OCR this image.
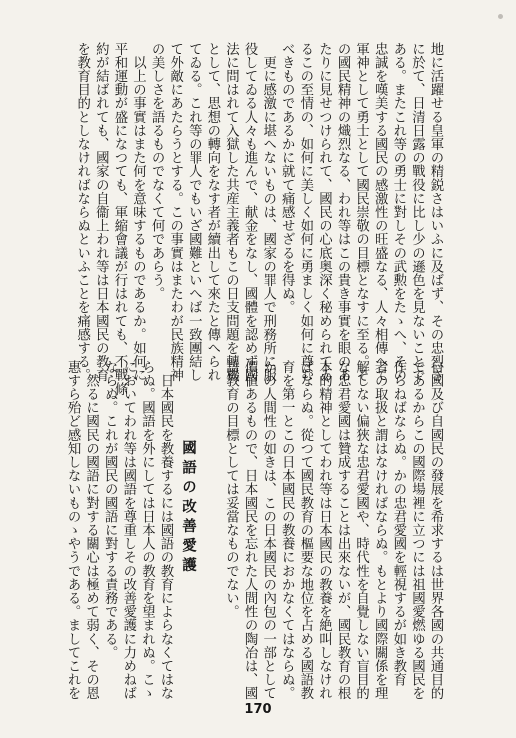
地に活躍せる皇軍の精鋭さはいふに及ばず、その忠烈さ
に於て、日清日露の戰役に比し少の遜色を見ないことで
ある。またこれ等の勇士に對しその武勲をたゝへ、その
忠誠を嘆美する國民の感激性の旺盛なる、人々相傳へて
軍神として勇士として國民崇敬の目標となすに至る。そ
の國民精神の熾烈なる、われ等はこの貴き事實を眼のあ
たりに見せつけられて、國民の心底奥深く秘められてゐ
るこの至情の、如何に美しく如何に勇ましく如何に尊む
べきものであるかに就て痛感せざるを得ぬ。
　更に感激に堪へないものは、國家の罪人で刑務所に服
役してゐる人々も進んで、献金をなし、國體を認めず國
法に問はれて入獄した共産主義者もこの日支問題を轉機
として、思想の轉向をなす者が續出して來たと傳へられ
てゐる。これ等の罪人でもいざ國難といへば一致團結し
て外敵にあたらうとする。この事實はまたわが民族精神
の美しさを語るものでなくて何であらう。
　以上の事實はまた何を意味するものであるか。如何に
平和運動が盛になつても、軍縮會議が行はれても、不戰條
約が結ばれても、國家の自衞上われ等は日本國民の教育
を教育目的としなければならぬといふことを痛感する。
自國及び自國民の發展を希求するは世界各國の共通目的
であるからこの國際場裡に立つには祖國愛燃ゆる國民を
作らねばならぬ。かの忠君愛國を輕視するが如き教育
者の取扱と謂はなければならぬ。もとより國際關係を理
解しない偏狹な忠君愛國や、時代性を自覺しない盲目的
な忠君愛國は贊成することは出來ないが、國民教育の根
本的精神としてわれ等は日本國民の教養を絶叫しなけれ
ばならぬ。從つて國民教育の樞要な地位を占める國語教
育を第一とこの日本國民の教養におかなくてはならぬ。
かの人間性の如きは、この日本國民の內包の一部として
價値あるもので、日本國民を忘れた人間性の陶冶は、國
語教育の目標としては妥當なものでない。
國語の改善愛護
　日本國民を教養するには國語の教育によらなくてはな
らぬ。國語を外にしては日本人の教育を望まれぬ。こゝ
においてわれ等は國語を尊重しその改善愛護に力めねば
ならぬ。これが國民の國語に對する責務である。
　然るに國民の國語に對する關心は極めて弱く、その恩
惠すら殆ど感知しないものゝやうである。ましてこれを
170
